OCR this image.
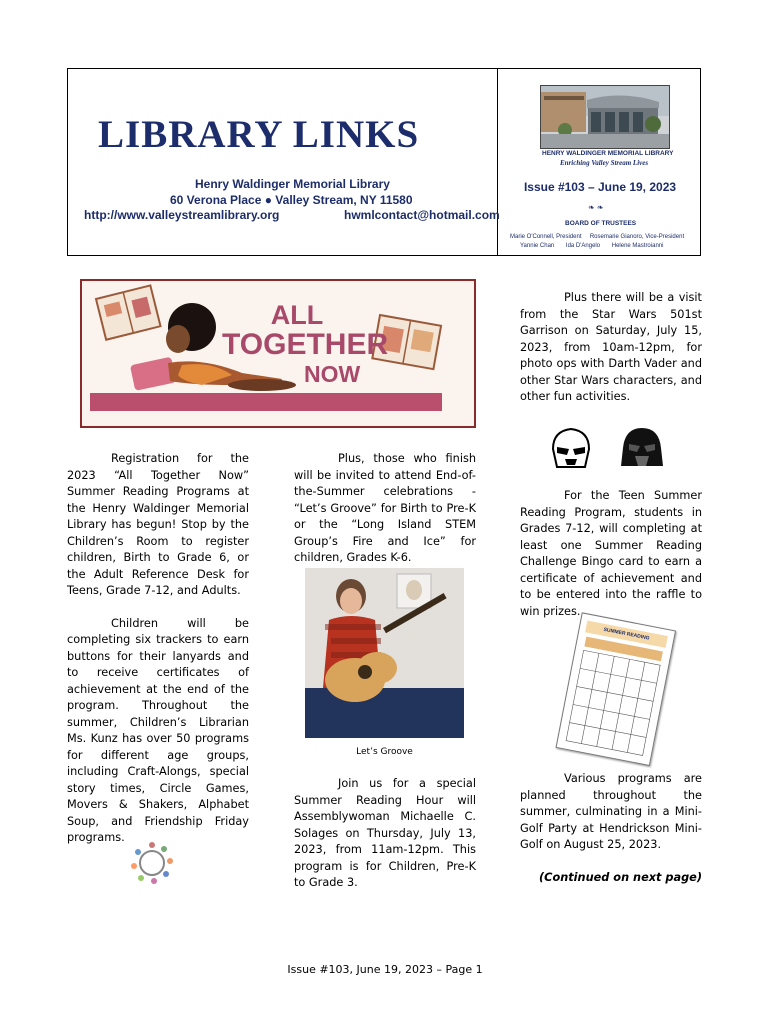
LIBRARY LINKS
Henry Waldinger Memorial Library
60 Verona Place ● Valley Stream, NY 11580
http://www.valleystreamlibrary.org	hwmlcontact@hotmail.com
HENRY WALDINGER MEMORIAL LIBRARY
Enriching Valley Stream Lives
Issue #103 – June 19, 2023
❧ ❧
BOARD OF TRUSTEES
Marie O'Connell, President     Rosemarie Gianoro, Vice-President
Yannie Chan       Ida D'Angelo       Helene Mastroianni
ALL
TOGETHER
NOW

Registration for the 2023 “All Together Now” Summer Reading Programs at the Henry Waldinger Memorial Library has begun! Stop by the Children’s Room to register children, Birth to Grade 6, or the Adult Reference Desk for Teens, Grade 7-12, and Adults.

Children will be completing six trackers to earn buttons for their lanyards and to receive certificates of achievement at the end of the program. Throughout the summer, Children’s Librarian Ms. Kunz has over 50 programs for different age groups, including Craft-Alongs, special story times, Circle Games, Movers & Shakers, Alphabet Soup, and Friendship Friday programs.

Plus, those who finish will be invited to attend End-of-the-Summer celebrations - “Let’s Groove” for Birth to Pre-K or the “Long Island STEM Group’s Fire and Ice” for children, Grades K-6.

Let’s Groove

Join us for a special Summer Reading Hour will Assemblywoman Michaelle C. Solages on Thursday, July 13, 2023, from 11am-12pm. This program is for Children, Pre-K to Grade 3.

Plus there will be a visit from the Star Wars 501st Garrison on Saturday, July 15, 2023, from 10am-12pm, for photo ops with Darth Vader and other Star Wars characters, and other fun activities.

For the Teen Summer Reading Program, students in Grades 7-12, will completing at least one Summer Reading Challenge Bingo card to earn a certificate of achievement and to be entered into the raffle to win prizes.

SUMMER READING

Various programs are planned throughout the summer, culminating in a Mini-Golf Party at Hendrickson Mini-Golf on August 25, 2023.

(Continued on next page)
Issue #103, June 19, 2023 – Page 1
